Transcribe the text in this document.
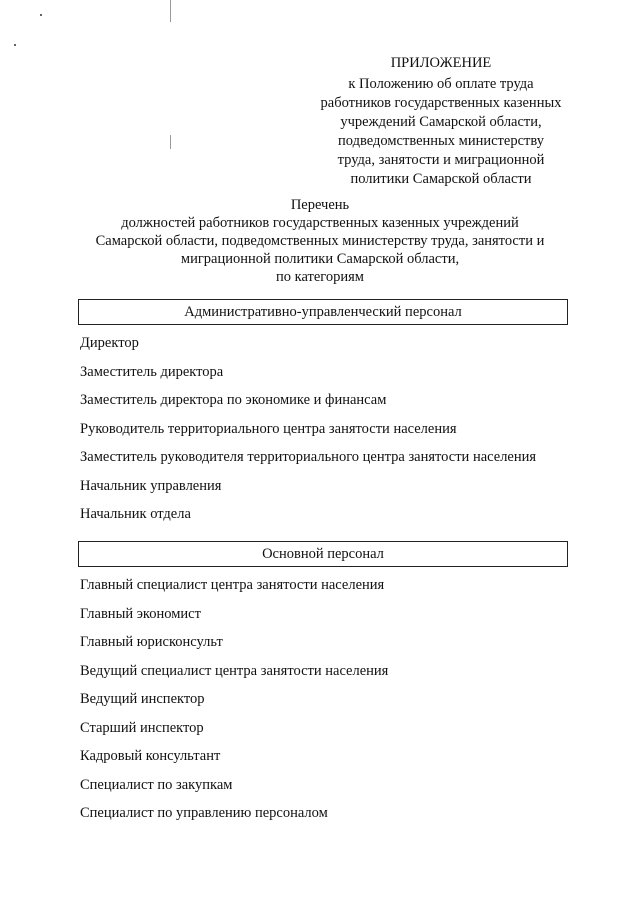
ПРИЛОЖЕНИЕ
к Положению об оплате труда
работников государственных казенных
учреждений Самарской области,
подведомственных министерству
труда, занятости и миграционной
политики Самарской области
Перечень
должностей работников государственных казенных учреждений
Самарской области, подведомственных министерству труда, занятости и
миграционной политики Самарской области,
по категориям
Административно-управленческий персонал
Директор
Заместитель директора
Заместитель директора по экономике и финансам
Руководитель территориального центра занятости населения
Заместитель руководителя территориального центра занятости населения
Начальник управления
Начальник отдела
Основной персонал
Главный специалист центра занятости населения
Главный экономист
Главный юрисконсульт
Ведущий специалист центра занятости населения
Ведущий инспектор
Старший инспектор
Кадровый консультант
Специалист по закупкам
Специалист по управлению персоналом
